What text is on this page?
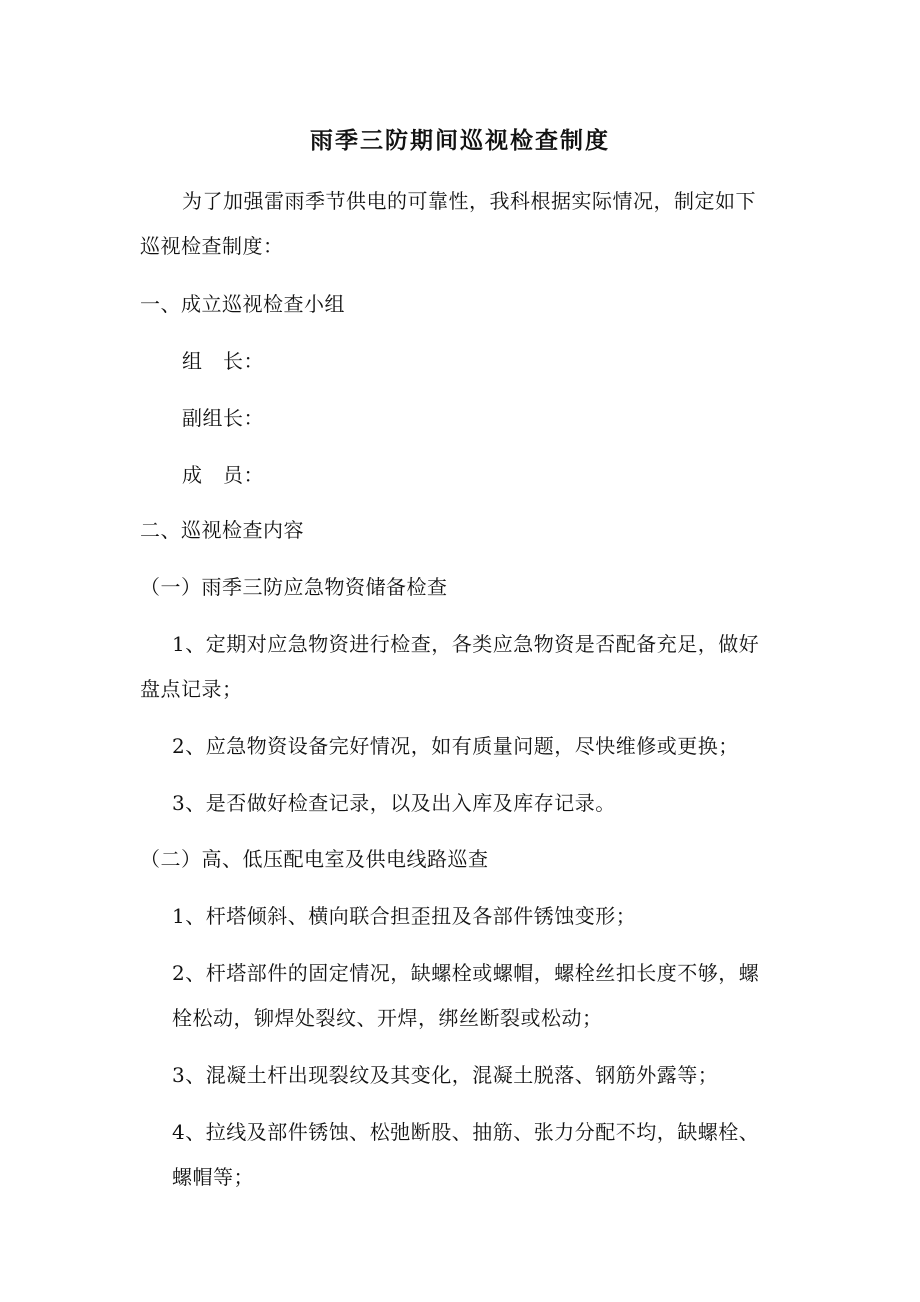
雨季三防期间巡视检查制度
为了加强雷雨季节供电的可靠性，我科根据实际情况，制定如下
巡视检查制度：
一、成立巡视检查小组
组　长：
副组长：
成　员：
二、巡视检查内容
（一）雨季三防应急物资储备检查
1、定期对应急物资进行检查，各类应急物资是否配备充足，做好
盘点记录；
2、应急物资设备完好情况，如有质量问题，尽快维修或更换；
3、是否做好检查记录，以及出入库及库存记录。
（二）高、低压配电室及供电线路巡查
1、杆塔倾斜、横向联合担歪扭及各部件锈蚀变形；
2、杆塔部件的固定情况，缺螺栓或螺帽，螺栓丝扣长度不够，螺
栓松动，铆焊处裂纹、开焊，绑丝断裂或松动；
3、混凝土杆出现裂纹及其变化，混凝土脱落、钢筋外露等；
4、拉线及部件锈蚀、松弛断股、抽筋、张力分配不均，缺螺栓、
螺帽等；
